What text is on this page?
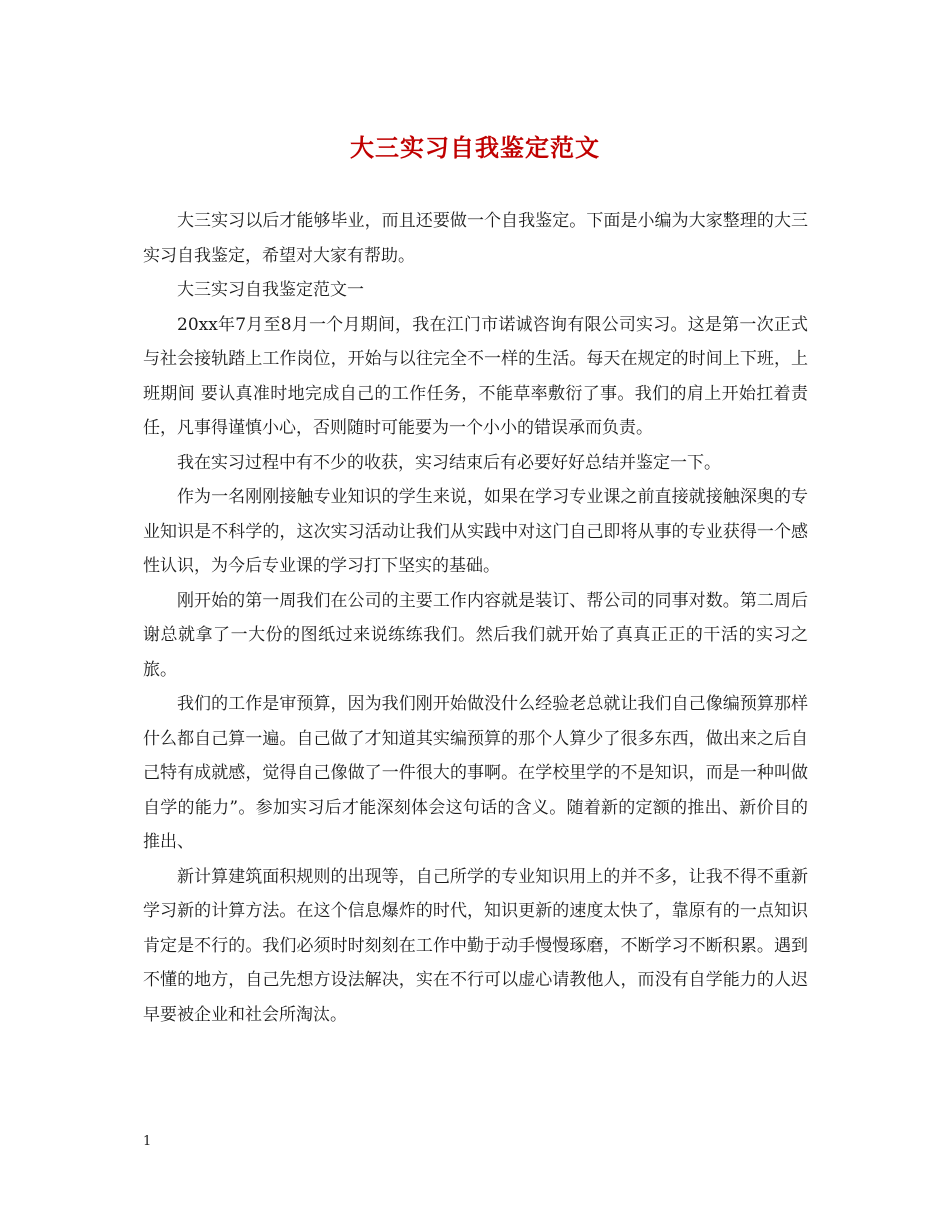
大三实习自我鉴定范文

大三实习以后才能够毕业，而且还要做一个自我鉴定。下面是小编为大家整理的大三实习自我鉴定，希望对大家有帮助。

大三实习自我鉴定范文一

20xx年7月至8月一个月期间，我在江门市诺诚咨询有限公司实习。这是第一次正式与社会接轨踏上工作岗位，开始与以往完全不一样的生活。每天在规定的时间上下班，上班期间 要认真准时地完成自己的工作任务，不能草率敷衍了事。我们的肩上开始扛着责任，凡事得谨慎小心，否则随时可能要为一个小小的错误承而负责。

我在实习过程中有不少的收获，实习结束后有必要好好总结并鉴定一下。

作为一名刚刚接触专业知识的学生来说，如果在学习专业课之前直接就接触深奥的专业知识是不科学的，这次实习活动让我们从实践中对这门自己即将从事的专业获得一个感性认识，为今后专业课的学习打下坚实的基础。

刚开始的第一周我们在公司的主要工作内容就是装订、帮公司的同事对数。第二周后谢总就拿了一大份的图纸过来说练练我们。然后我们就开始了真真正正的干活的实习之旅。

我们的工作是审预算，因为我们刚开始做没什么经验老总就让我们自己像编预算那样什么都自己算一遍。自己做了才知道其实编预算的那个人算少了很多东西，做出来之后自己特有成就感，觉得自己像做了一件很大的事啊。在学校里学的不是知识，而是一种叫做自学的能力”。参加实习后才能深刻体会这句话的含义。随着新的定额的推出、新价目的推出、

新计算建筑面积规则的出现等，自己所学的专业知识用上的并不多，让我不得不重新学习新的计算方法。在这个信息爆炸的时代，知识更新的速度太快了，靠原有的一点知识肯定是不行的。我们必须时时刻刻在工作中勤于动手慢慢琢磨，不断学习不断积累。遇到不懂的地方，自己先想方设法解决，实在不行可以虚心请教他人，而没有自学能力的人迟早要被企业和社会所淘汰。

1
